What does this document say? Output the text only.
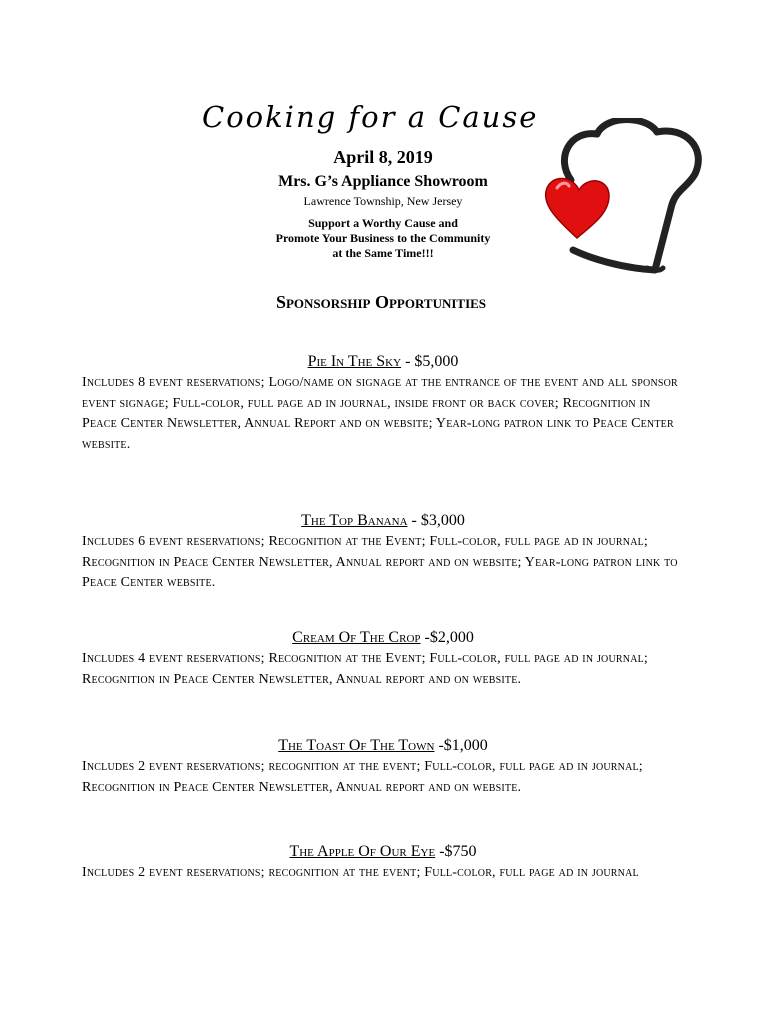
Cooking for a Cause

April 8, 2019

Mrs. G’s Appliance Showroom

Lawrence Township, New Jersey

Support a Worthy Cause and
Promote Your Business to the Community
at the Same Time!!!
Sponsorship Opportunities

Pie In The Sky - $5,000

Includes 8 event reservations; Logo/name on signage at the entrance of the event and all sponsor event signage; Full-color, full page ad in journal, inside front or back cover; Recognition in Peace Center Newsletter, Annual Report and on website; Year-long patron link to Peace Center website.

The Top Banana - $3,000

Includes 6 event reservations; Recognition at the Event; Full-color, full page ad in journal; Recognition in Peace Center Newsletter, Annual report and on website; Year-long patron link to Peace Center website.

Cream Of The Crop -$2,000

Includes 4 event reservations; Recognition at the Event; Full-color, full page ad in journal; Recognition in Peace Center Newsletter, Annual report and on website.

The Toast Of The Town -$1,000

Includes 2 event reservations; recognition at the event; Full-color, full page ad in journal; Recognition in Peace Center Newsletter, Annual report and on website.

The Apple Of Our Eye -$750

Includes 2 event reservations; recognition at the event; Full-color, full page ad in journal
